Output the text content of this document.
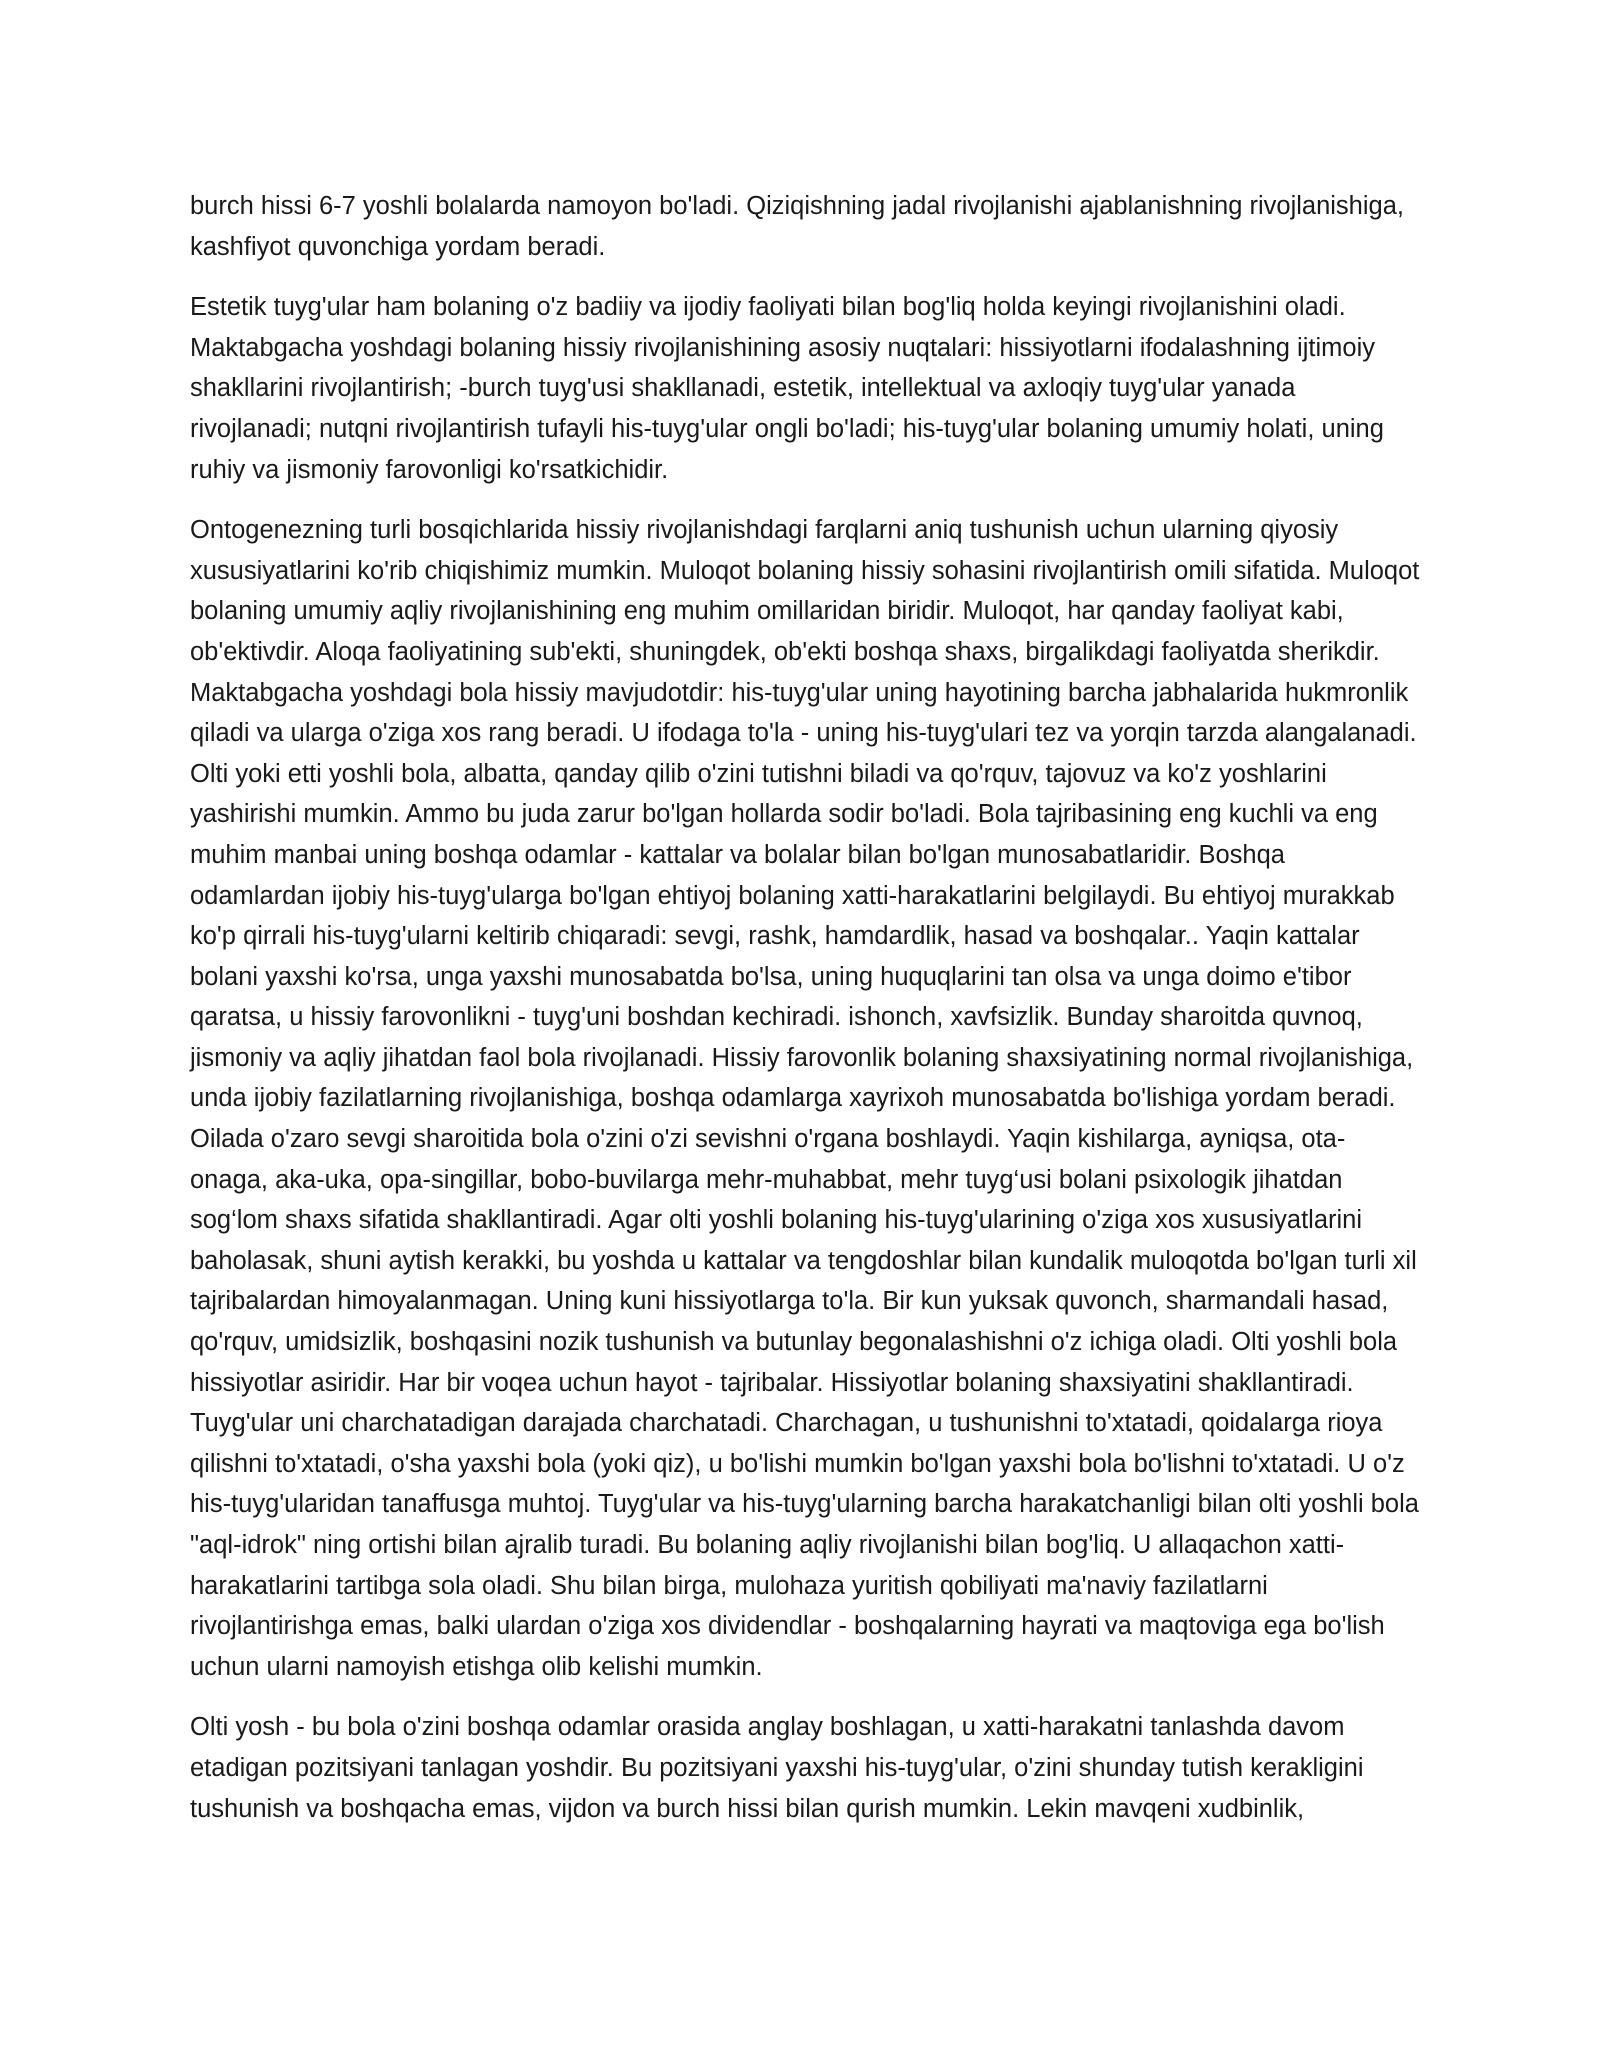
burch hissi 6-7 yoshli bolalarda namoyon bo'ladi. Qiziqishning jadal rivojlanishi ajablanishning rivojlanishiga, kashfiyot quvonchiga yordam beradi.

Estetik tuyg'ular ham bolaning o'z badiiy va ijodiy faoliyati bilan bog'liq holda keyingi rivojlanishini oladi. Maktabgacha yoshdagi bolaning hissiy rivojlanishining asosiy nuqtalari: hissiyotlarni ifodalashning ijtimoiy shakllarini rivojlantirish; -burch tuyg'usi shakllanadi, estetik, intellektual va axloqiy tuyg'ular yanada rivojlanadi; nutqni rivojlantirish tufayli his-tuyg'ular ongli bo'ladi; his-tuyg'ular bolaning umumiy holati, uning ruhiy va jismoniy farovonligi ko'rsatkichidir.

Ontogenezning turli bosqichlarida hissiy rivojlanishdagi farqlarni aniq tushunish uchun ularning qiyosiy xususiyatlarini ko'rib chiqishimiz mumkin. Muloqot bolaning hissiy sohasini rivojlantirish omili sifatida. Muloqot bolaning umumiy aqliy rivojlanishining eng muhim omillaridan biridir. Muloqot, har qanday faoliyat kabi, ob'ektivdir. Aloqa faoliyatining sub'ekti, shuningdek, ob'ekti boshqa shaxs, birgalikdagi faoliyatda sherikdir. Maktabgacha yoshdagi bola hissiy mavjudotdir: his-tuyg'ular uning hayotining barcha jabhalarida hukmronlik qiladi va ularga o'ziga xos rang beradi. U ifodaga to'la - uning his-tuyg'ulari tez va yorqin tarzda alangalanadi. Olti yoki etti yoshli bola, albatta, qanday qilib o'zini tutishni biladi va qo'rquv, tajovuz va ko'z yoshlarini yashirishi mumkin. Ammo bu juda zarur bo'lgan hollarda sodir bo'ladi. Bola tajribasining eng kuchli va eng muhim manbai uning boshqa odamlar - kattalar va bolalar bilan bo'lgan munosabatlaridir. Boshqa odamlardan ijobiy his-tuyg'ularga bo'lgan ehtiyoj bolaning xatti-harakatlarini belgilaydi. Bu ehtiyoj murakkab ko'p qirrali his-tuyg'ularni keltirib chiqaradi: sevgi, rashk, hamdardlik, hasad va boshqalar.. Yaqin kattalar bolani yaxshi ko'rsa, unga yaxshi munosabatda bo'lsa, uning huquqlarini tan olsa va unga doimo e'tibor qaratsa, u hissiy farovonlikni - tuyg'uni boshdan kechiradi. ishonch, xavfsizlik. Bunday sharoitda quvnoq, jismoniy va aqliy jihatdan faol bola rivojlanadi. Hissiy farovonlik bolaning shaxsiyatining normal rivojlanishiga, unda ijobiy fazilatlarning rivojlanishiga, boshqa odamlarga xayrixoh munosabatda bo'lishiga yordam beradi. Oilada o'zaro sevgi sharoitida bola o'zini o'zi sevishni o'rgana boshlaydi. Yaqin kishilarga, ayniqsa, ota-onaga, aka-uka, opa-singillar, bobo-buvilarga mehr-muhabbat, mehr tuyg‘usi bolani psixologik jihatdan sog‘lom shaxs sifatida shakllantiradi. Agar olti yoshli bolaning his-tuyg'ularining o'ziga xos xususiyatlarini baholasak, shuni aytish kerakki, bu yoshda u kattalar va tengdoshlar bilan kundalik muloqotda bo'lgan turli xil tajribalardan himoyalanmagan. Uning kuni hissiyotlarga to'la. Bir kun yuksak quvonch, sharmandali hasad, qo'rquv, umidsizlik, boshqasini nozik tushunish va butunlay begonalashishni o'z ichiga oladi. Olti yoshli bola hissiyotlar asiridir. Har bir voqea uchun hayot - tajribalar. Hissiyotlar bolaning shaxsiyatini shakllantiradi. Tuyg'ular uni charchatadigan darajada charchatadi. Charchagan, u tushunishni to'xtatadi, qoidalarga rioya qilishni to'xtatadi, o'sha yaxshi bola (yoki qiz), u bo'lishi mumkin bo'lgan yaxshi bola bo'lishni to'xtatadi. U o'z his-tuyg'ularidan tanaffusga muhtoj. Tuyg'ular va his-tuyg'ularning barcha harakatchanligi bilan olti yoshli bola "aql-idrok" ning ortishi bilan ajralib turadi. Bu bolaning aqliy rivojlanishi bilan bog'liq. U allaqachon xatti-harakatlarini tartibga sola oladi. Shu bilan birga, mulohaza yuritish qobiliyati ma'naviy fazilatlarni rivojlantirishga emas, balki ulardan o'ziga xos dividendlar - boshqalarning hayrati va maqtoviga ega bo'lish uchun ularni namoyish etishga olib kelishi mumkin.

Olti yosh - bu bola o'zini boshqa odamlar orasida anglay boshlagan, u xatti-harakatni tanlashda davom etadigan pozitsiyani tanlagan yoshdir. Bu pozitsiyani yaxshi his-tuyg'ular, o'zini shunday tutish kerakligini tushunish va boshqacha emas, vijdon va burch hissi bilan qurish mumkin. Lekin mavqeni xudbinlik,
